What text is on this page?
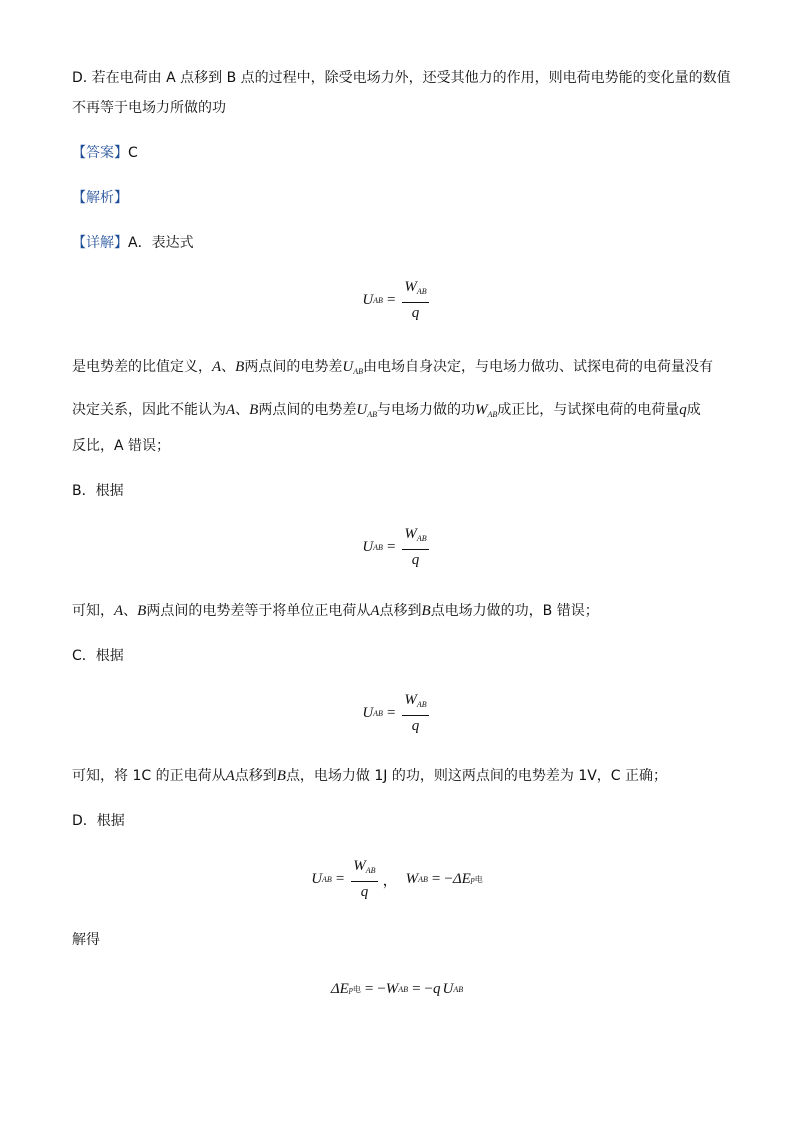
D. 若在电荷由 A 点移到 B 点的过程中，除受电场力外，还受其他力的作用，则电荷电势能的变化量的数值
不再等于电场力所做的功
【答案】C
【解析】
【详解】A．表达式
U AB = $\frac{W_{AB}}{q}$
是电势差的比值定义，A、B两点间的电势差$U_{AB}$由电场自身决定，与电场力做功、试探电荷的电荷量没有
决定关系，因此不能认为A、B两点间的电势差$U_{AB}$与电场力做的功$W_{AB}$成正比，与试探电荷的电荷量q成
反比，A 错误；
B．根据
U AB = $\frac{W_{AB}}{q}$
可知，A、B两点间的电势差等于将单位正电荷从A点移到B点电场力做的功，B 错误；
C．根据
U AB = $\frac{W_{AB}}{q}$
可知，将 1C 的正电荷从A点移到B点，电场力做 1J 的功，则这两点间的电势差为 1V，C 正确；
D．根据
U AB = $\frac{W_{AB}}{q}$ ， W AB = − ΔE p 电
解得
ΔE p 电 = − W AB = − q U AB
